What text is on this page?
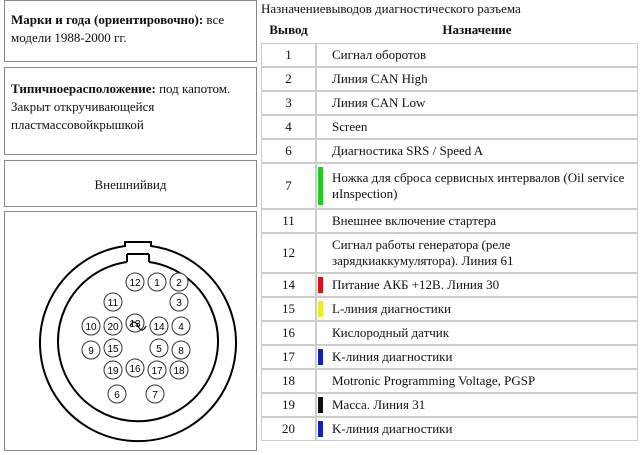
Марки и года (ориентировочно): все модели 1988-2000 гг.
Типичноерасположение: под капотом. Закрыт откручивающейся пластмассовойкрышкой
Внешнийвид
12 1 2
11	3
10 20 13 14 4
9 15	5 8
19 16 17 18
6	7
Назначениевыводов диагностического разъема
Вывод	Назначение
1	Сигнал оборотов

2	Линия CAN High

3	Линия CAN Low

4	Screen

6	Диагностика SRS / Speed A

7	Ножка для сброса сервисных интервалов (Oil service иInspection)

11	Внешнее включение стартера

12	Сигнал работы генератора (реле зарядкиаккумулятора). Линия 61

14	Питание АКБ +12В. Линия 30

15	L-линия диагностики

16	Кислородный датчик

17	K-линия диагностики

18	Motronic Programming Voltage, PGSP

19	Масса. Линия 31

20	K-линия диагностики
